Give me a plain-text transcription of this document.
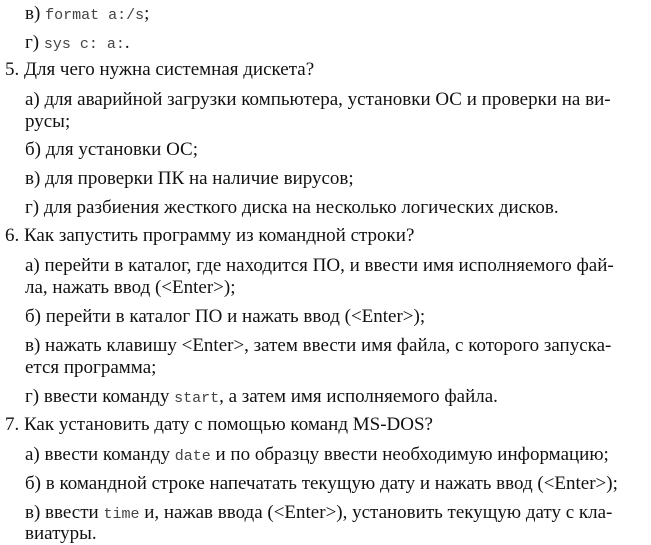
в) format a:/s;
г) sys c: a:.
5. Для чего нужна системная дискета?
а) для аварийной загрузки компьютера, установки ОС и проверки на ви-
русы;
б) для установки ОС;
в) для проверки ПК на наличие вирусов;
г) для разбиения жесткого диска на несколько логических дисков.
6. Как запустить программу из командной строки?
а) перейти в каталог, где находится ПО, и ввести имя исполняемого фай-
ла, нажать ввод (<Enter>);
б) перейти в каталог ПО и нажать ввод (<Enter>);
в) нажать клавишу <Enter>, затем ввести имя файла, с которого запуска-
ется программа;
г) ввести команду start, а затем имя исполняемого файла.
7. Как установить дату с помощью команд MS-DOS?
а) ввести команду date и по образцу ввести необходимую информацию;
б) в командной строке напечатать текущую дату и нажать ввод (<Enter>);
в) ввести time и, нажав ввода (<Enter>), установить текущую дату с кла-
виатуры.
